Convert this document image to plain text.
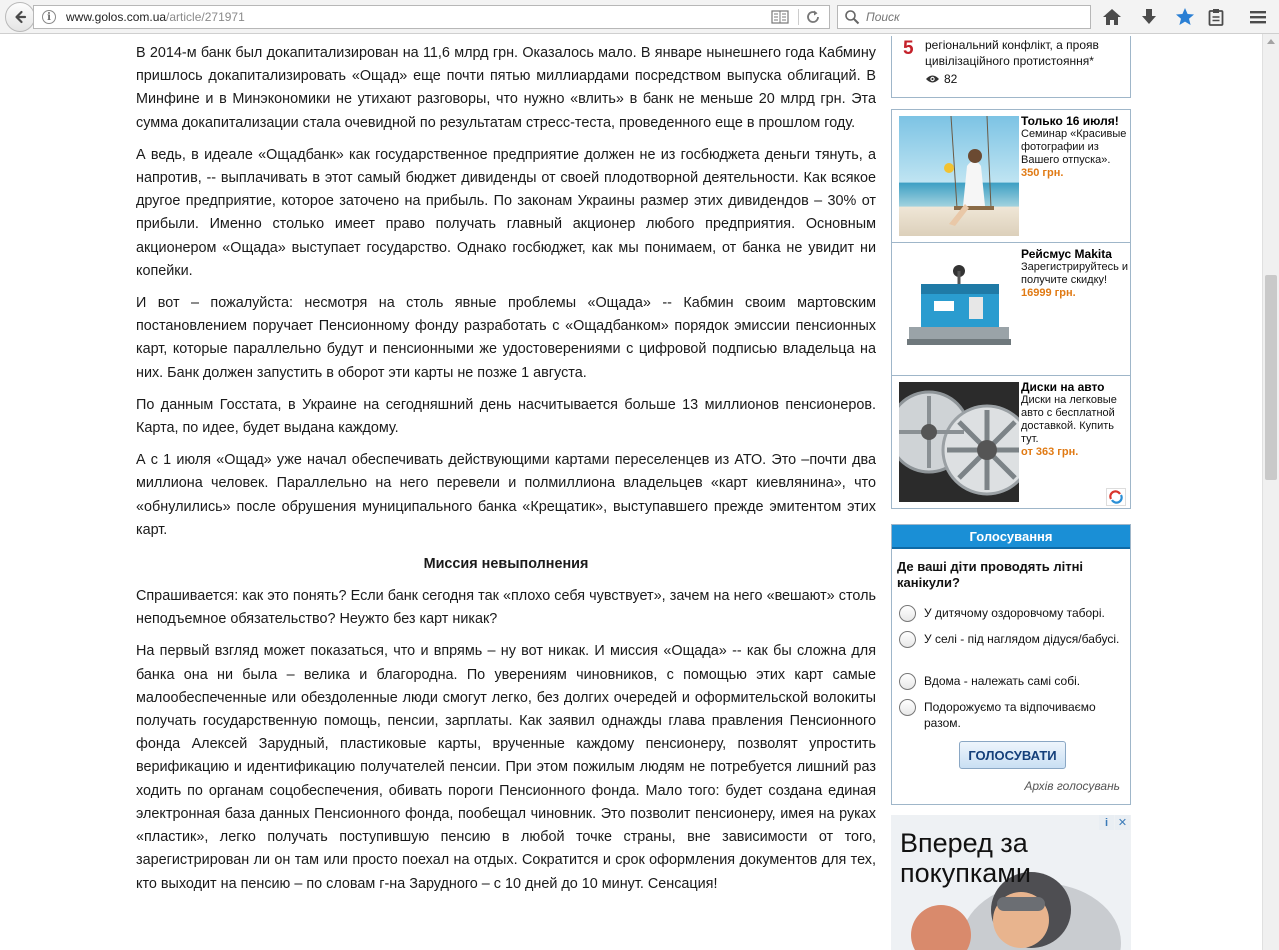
i	www.golos.com.ua/article/271971
Поиск

В 2014-м банк был докапитализирован на 11,6 млрд грн. Оказалось мало. В январе нынешнего года Кабмину пришлось докапитализировать «Ощад» еще почти пятью миллиардами посредством выпуска облигаций. В Минфине и в Минэкономики не утихают разговоры, что нужно «влить» в банк не меньше 20 млрд грн. Эта сумма докапитализации стала очевидной по результатам стресс-теста, проведенного еще в прошлом году.

А ведь, в идеале «Ощадбанк» как государственное предприятие должен не из госбюджета деньги тянуть, а напротив, -- выплачивать в этот самый бюджет дивиденды от своей плодотворной деятельности. Как всякое другое предприятие, которое заточено на прибыль. По законам Украины размер этих дивидендов – 30% от прибыли. Именно столько имеет право получать главный акционер любого предприятия. Основным акционером «Ощада» выступает государство. Однако госбюджет, как мы понимаем, от банка не увидит ни копейки.

И вот – пожалуйста: несмотря на столь явные проблемы «Ощада» -- Кабмин своим мартовским постановлением поручает Пенсионному фонду разработать с «Ощадбанком» порядок эмиссии пенсионных карт, которые параллельно будут и пенсионными же удостоверениями с цифровой подписью владельца на них. Банк должен запустить в оборот эти карты не позже 1 августа.

По данным Госстата, в Украине на сегодняшний день насчитывается больше 13 миллионов пенсионеров. Карта, по идее, будет выдана каждому.

А с 1 июля «Ощад» уже начал обеспечивать действующими картами переселенцев из АТО. Это –почти два миллиона человек. Параллельно на него перевели и полмиллиона владельцев «карт киевлянина», что «обнулились» после обрушения муниципального банка «Крещатик», выступавшего прежде эмитентом этих карт.

Миссия невыполнения

Спрашивается: как это понять? Если банк сегодня так «плохо себя чувствует», зачем на него «вешают» столь неподъемное обязательство? Неужто без карт никак?

На первый взгляд может показаться, что и впрямь – ну вот никак. И миссия «Ощада» -- как бы сложна для банка она ни была – велика и благородна. По уверениям чиновников, с помощью этих карт самые малообеспеченные или обездоленные люди смогут легко, без долгих очередей и оформительской волокиты получать государственную помощь, пенсии, зарплаты. Как заявил однажды глава правления Пенсионного фонда Алексей Зарудный, пластиковые карты, врученные каждому пенсионеру, позволят упростить верификацию и идентификацию получателей пенсии. При этом пожилым людям не потребуется лишний раз ходить по органам соцобеспечения, обивать пороги Пенсионного фонда. Мало того: будет создана единая электронная база данных Пенсионного фонда, пообещал чиновник. Это позволит пенсионеру, имея на руках «пластик», легко получать поступившую пенсию в любой точке страны, вне зависимости от того, зарегистрирован ли он там или просто поехал на отдых. Сократится и срок оформления документов для тех, кто выходит на пенсию – по словам г-на Зарудного – с 10 дней до 10 минут. Сенсация!

5 регіональний конфлікт, а прояв цивілізаційного протистояння*
82
Только 16 июля!
Семинар «Красивые фотографии из Вашего отпуска».
350 грн.
Рейсмус Makita
Зарегистрируйтесь и получите скидку!
16999 грн.
Диски на авто
Диски на легковые авто с бесплатной доставкой. Купить тут.
от 363 грн.
Голосування
Де ваші діти проводять літні канікули?
У дитячому оздоровчому таборі.
У селі - під наглядом дідуся/бабусі.
Вдома - належать самі собі.
Подорожуємо та відпочиваємо разом.
ГОЛОСУВАТИ
Архів голосувань
Вперед за
покупками
i ✕
